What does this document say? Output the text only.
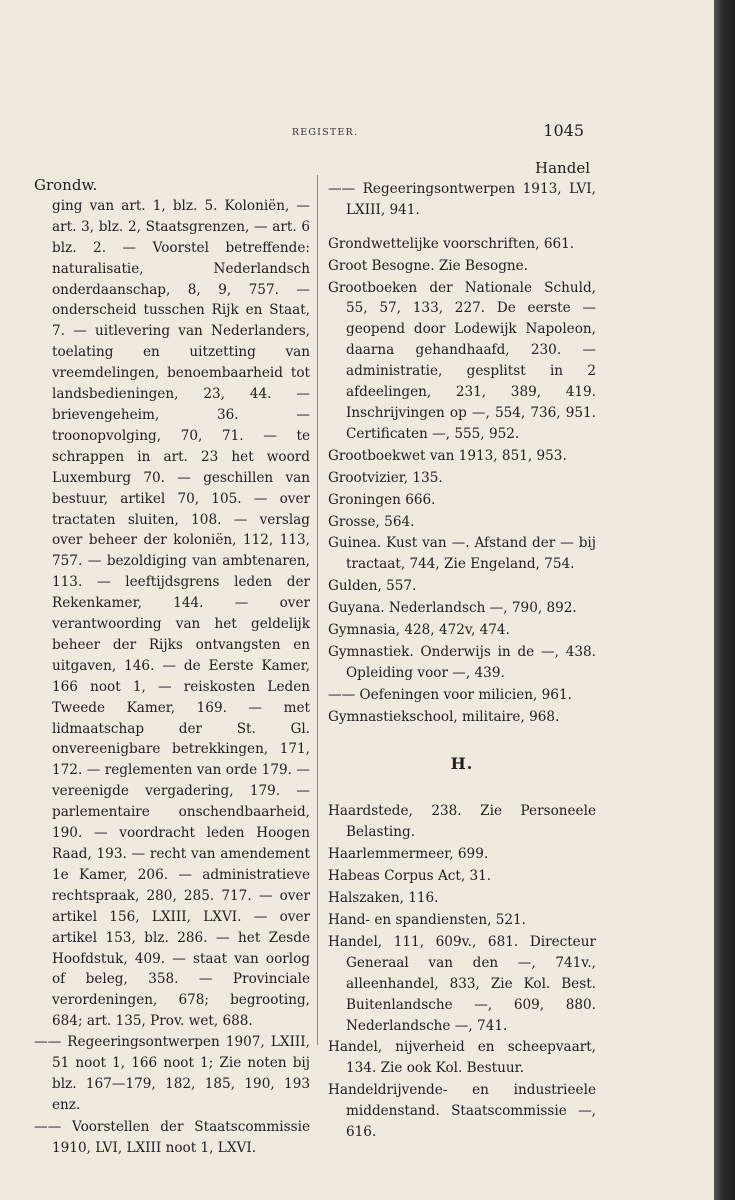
REGISTER.	1045
Grondw.
ging van art. 1, blz. 5. Koloniën, — art. 3, blz. 2, Staatsgrenzen, — art. 6 blz. 2. — Voorstel betreffende: naturalisatie, Nederlandsch onderdaanschap, 8, 9, 757. — onderscheid tusschen Rijk en Staat, 7. — uitlevering van Nederlanders, toelating en uitzetting van vreemdelingen, benoembaarheid tot landsbedieningen, 23, 44. — brievengeheim, 36. — troonopvolging, 70, 71. — te schrappen in art. 23 het woord Luxemburg 70. — geschillen van bestuur, artikel 70, 105. — over tractaten sluiten, 108. — verslag over beheer der koloniën, 112, 113, 757. — bezoldiging van ambtenaren, 113. — leeftijdsgrens leden der Rekenkamer, 144. — over verantwoording van het geldelijk beheer der Rijks ontvangsten en uitgaven, 146. — de Eerste Kamer, 166 noot 1, — reiskosten Leden Tweede Kamer, 169. — met lidmaatschap der St. Gl. onvereenigbare betrekkingen, 171, 172. — reglementen van orde 179. — vereenigde vergadering, 179. — parlementaire onschendbaarheid, 190. — voordracht leden Hoogen Raad, 193. — recht van amendement 1e Kamer, 206. — administratieve rechtspraak, 280, 285. 717. — over artikel 156, LXIII, LXVI. — over artikel 153, blz. 286. — het Zesde Hoofdstuk, 409. — staat van oorlog of beleg, 358. — Provinciale verordeningen, 678; begrooting, 684; art. 135, Prov. wet, 688.
—— Regeeringsontwerpen 1907, LXIII, 51 noot 1, 166 noot 1; Zie noten bij blz. 167—179, 182, 185, 190, 193 enz.
—— Voorstellen der Staatscommissie 1910, LVI, LXIII noot 1, LXVI.
Handel
—— Regeeringsontwerpen 1913, LVI, LXIII, 941.
Grondwettelijke voorschriften, 661.
Groot Besogne. Zie Besogne.
Grootboeken der Nationale Schuld, 55, 57, 133, 227. De eerste — geopend door Lodewijk Napoleon, daarna gehandhaafd, 230. — administratie, gesplitst in 2 afdeelingen, 231, 389, 419. Inschrijvingen op —, 554, 736, 951. Certificaten —, 555, 952.
Grootboekwet van 1913, 851, 953.
Grootvizier, 135.
Groningen 666.
Grosse, 564.
Guinea. Kust van —. Afstand der — bij tractaat, 744, Zie Engeland, 754.
Gulden, 557.
Guyana. Nederlandsch —, 790, 892.
Gymnasia, 428, 472v, 474.
Gymnastiek. Onderwijs in de —, 438. Opleiding voor —, 439.
—— Oefeningen voor milicien, 961.
Gymnastiekschool, militaire, 968.
H.
Haardstede, 238. Zie Personeele Belasting.
Haarlemmermeer, 699.
Habeas Corpus Act, 31.
Halszaken, 116.
Hand- en spandiensten, 521.
Handel, 111, 609v., 681. Directeur Generaal van den —, 741v., alleenhandel, 833, Zie Kol. Best. Buitenlandsche —, 609, 880. Nederlandsche —, 741.
Handel, nijverheid en scheepvaart, 134. Zie ook Kol. Bestuur.
Handeldrijvende- en industrieele middenstand. Staatscommissie —, 616.
